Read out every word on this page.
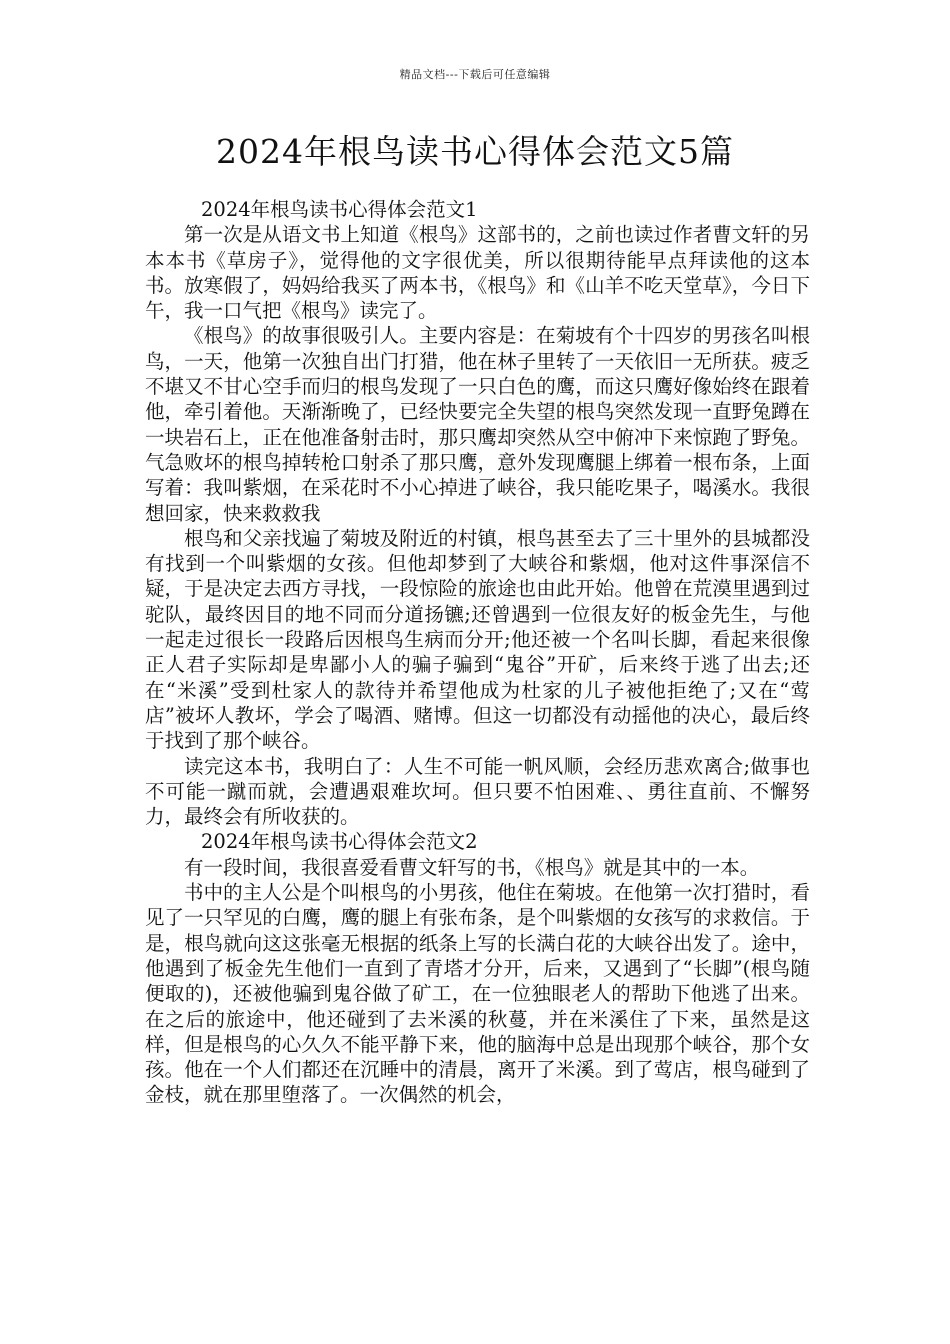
精品文档---下载后可任意编辑
2024年根鸟读书心得体会范文5篇

2024年根鸟读书心得体会范文1

第一次是从语文书上知道《根鸟》这部书的，之前也读过作者曹文轩的另本本书《草房子》，觉得他的文字很优美，所以很期待能早点拜读他的这本书。放寒假了，妈妈给我买了两本书，《根鸟》和《山羊不吃天堂草》，今日下午，我一口气把《根鸟》读完了。

《根鸟》的故事很吸引人。主要内容是：在菊坡有个十四岁的男孩名叫根鸟，一天，他第一次独自出门打猎，他在林子里转了一天依旧一无所获。疲乏不堪又不甘心空手而归的根鸟发现了一只白色的鹰，而这只鹰好像始终在跟着他，牵引着他。天渐渐晚了，已经快要完全失望的根鸟突然发现一直野兔蹲在一块岩石上，正在他准备射击时，那只鹰却突然从空中俯冲下来惊跑了野兔。气急败坏的根鸟掉转枪口射杀了那只鹰，意外发现鹰腿上绑着一根布条，上面写着：我叫紫烟，在采花时不小心掉进了峡谷，我只能吃果子，喝溪水。我很想回家，快来救救我

根鸟和父亲找遍了菊坡及附近的村镇，根鸟甚至去了三十里外的县城都没有找到一个叫紫烟的女孩。但他却梦到了大峡谷和紫烟，他对这件事深信不疑，于是决定去西方寻找，一段惊险的旅途也由此开始。他曾在荒漠里遇到过驼队，最终因目的地不同而分道扬镳;还曾遇到一位很友好的板金先生，与他一起走过很长一段路后因根鸟生病而分开;他还被一个名叫长脚，看起来很像正人君子实际却是卑鄙小人的骗子骗到“鬼谷”开矿，后来终于逃了出去;还在“米溪”受到杜家人的款待并希望他成为杜家的儿子被他拒绝了;又在“莺店”被坏人教坏，学会了喝酒、赌博。但这一切都没有动摇他的决心，最后终于找到了那个峡谷。

读完这本书，我明白了：人生不可能一帆风顺，会经历悲欢离合;做事也不可能一蹴而就，会遭遇艰难坎坷。但只要不怕困难、、勇往直前、不懈努力，最终会有所收获的。

2024年根鸟读书心得体会范文2

有一段时间，我很喜爱看曹文轩写的书，《根鸟》就是其中的一本。

书中的主人公是个叫根鸟的小男孩，他住在菊坡。在他第一次打猎时，看见了一只罕见的白鹰，鹰的腿上有张布条，是个叫紫烟的女孩写的求救信。于是，根鸟就向这这张毫无根据的纸条上写的长满白花的大峡谷出发了。途中，他遇到了板金先生他们一直到了青塔才分开，后来，又遇到了“长脚”(根鸟随便取的)，还被他骗到鬼谷做了矿工，在一位独眼老人的帮助下他逃了出来。在之后的旅途中，他还碰到了去米溪的秋蔓，并在米溪住了下来，虽然是这样，但是根鸟的心久久不能平静下来，他的脑海中总是出现那个峡谷，那个女孩。他在一个人们都还在沉睡中的清晨，离开了米溪。到了莺店，根鸟碰到了金枝，就在那里堕落了。一次偶然的机会，
